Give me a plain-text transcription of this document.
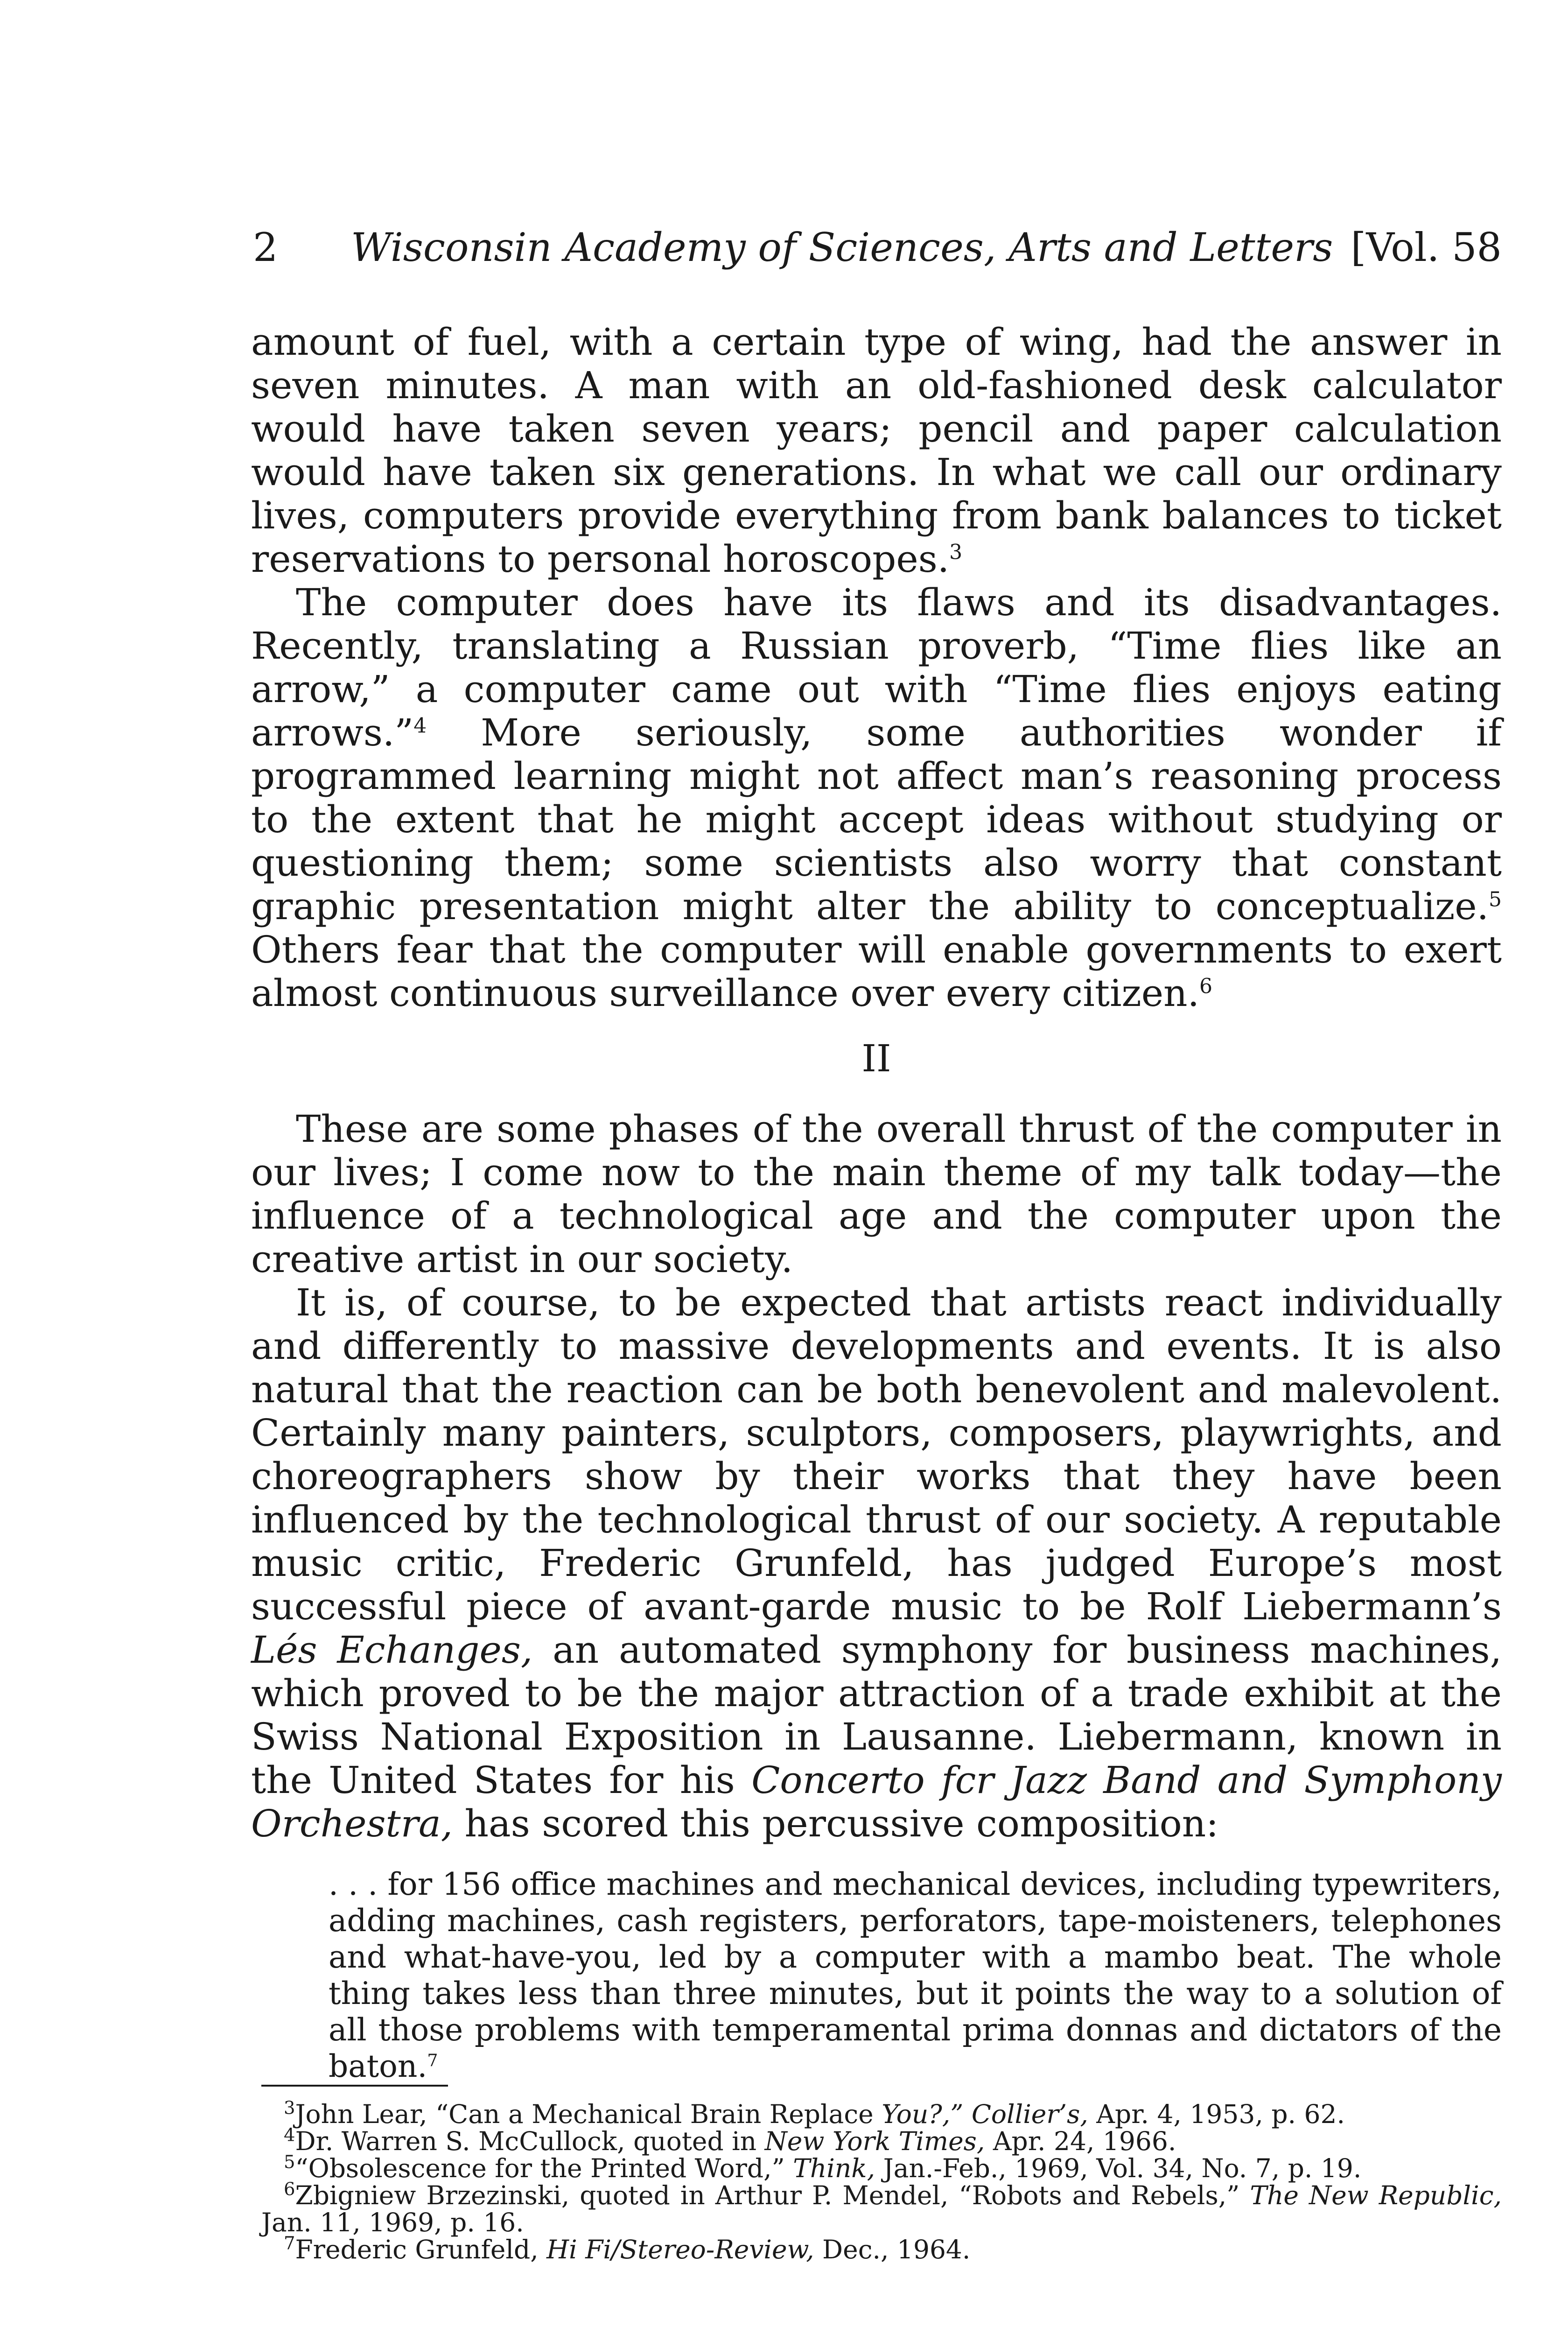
2 Wisconsin Academy of Sciences, Arts and Letters [Vol. 58

amount of fuel, with a certain type of wing, had the answer in seven minutes. A man with an old-fashioned desk calculator would have taken seven years; pencil and paper calculation would have taken six generations. In what we call our ordinary lives, computers provide everything from bank balances to ticket reservations to personal horoscopes.$^3$

The computer does have its flaws and its disadvantages. Recently, translating a Russian proverb, “Time flies like an arrow,” a computer came out with “Time flies enjoys eating arrows.”$^4$ More seriously, some authorities wonder if programmed learning might not affect man’s reasoning process to the extent that he might accept ideas without studying or questioning them; some scientists also worry that constant graphic presentation might alter the ability to conceptualize.$^5$ Others fear that the computer will enable governments to exert almost continuous surveillance over every citizen.$^6$

II

These are some phases of the overall thrust of the computer in our lives; I come now to the main theme of my talk today—the influence of a technological age and the computer upon the creative artist in our society.

It is, of course, to be expected that artists react individually and differently to massive developments and events. It is also natural that the reaction can be both benevolent and malevolent. Certainly many painters, sculptors, composers, playwrights, and choreographers show by their works that they have been influenced by the technological thrust of our society. A reputable music critic, Frederic Grunfeld, has judged Europe’s most successful piece of avant-garde music to be Rolf Liebermann’s Lés Echanges, an automated symphony for business machines, which proved to be the major attraction of a trade exhibit at the Swiss National Exposition in Lausanne. Liebermann, known in the United States for his Concerto fcr Jazz Band and Symphony Orchestra, has scored this percussive composition:

. . . for 156 office machines and mechanical devices, including typewriters, adding machines, cash registers, perforators, tape-moisteners, telephones and what-have-you, led by a computer with a mambo beat. The whole thing takes less than three minutes, but it points the way to a solution of all those problems with temperamental prima donnas and dictators of the baton.$^7$

$^3$John Lear, “Can a Mechanical Brain Replace You?,” Collier’s, Apr. 4, 1953, p. 62.

$^4$Dr. Warren S. McCullock, quoted in New York Times, Apr. 24, 1966.

$^5$“Obsolescence for the Printed Word,” Think, Jan.-Feb., 1969, Vol. 34, No. 7, p. 19.

$^6$Zbigniew Brzezinski, quoted in Arthur P. Mendel, “Robots and Rebels,” The New Republic, Jan. 11, 1969, p. 16.

$^7$Frederic Grunfeld, Hi Fi/Stereo-Review, Dec., 1964.
